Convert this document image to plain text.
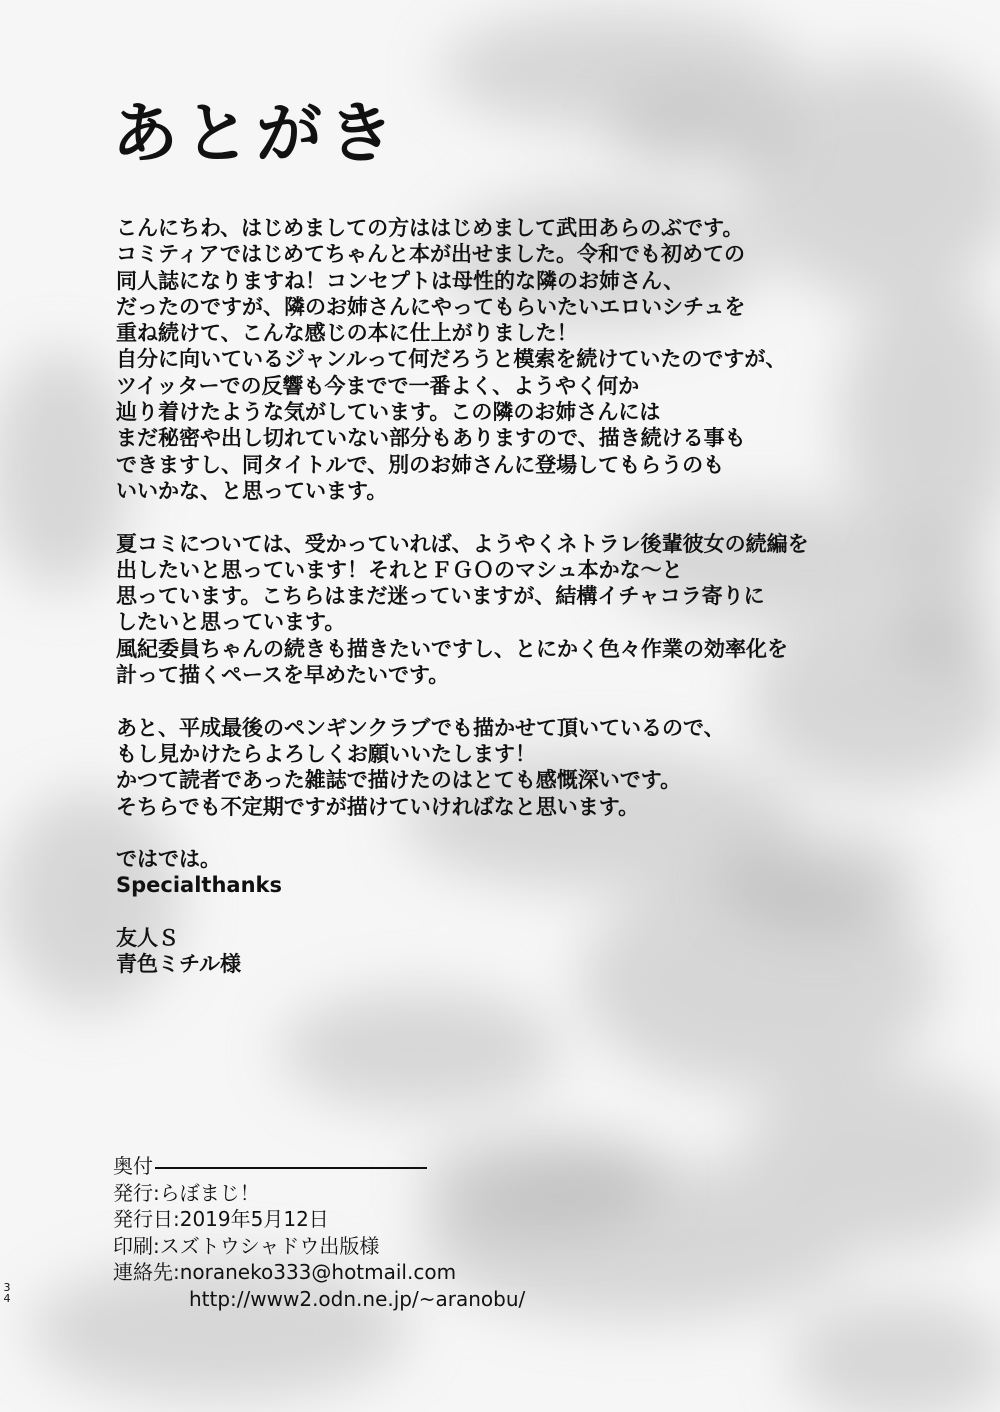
あとがき
こんにちわ、はじめましての方ははじめまして武田あらのぶです。
コミティアではじめてちゃんと本が出せました。令和でも初めての
同人誌になりますね！コンセプトは母性的な隣のお姉さん、
だったのですが、隣のお姉さんにやってもらいたいエロいシチュを
重ね続けて、こんな感じの本に仕上がりました！
自分に向いているジャンルって何だろうと模索を続けていたのですが、
ツイッターでの反響も今までで一番よく、ようやく何か
辿り着けたような気がしています。この隣のお姉さんには
まだ秘密や出し切れていない部分もありますので、描き続ける事も
できますし、同タイトルで、別のお姉さんに登場してもらうのも
いいかな、と思っています。
夏コミについては、受かっていれば、ようやくネトラレ後輩彼女の続編を
出したいと思っています！それとＦＧＯのマシュ本かな～と
思っています。こちらはまだ迷っていますが、結構イチャコラ寄りに
したいと思っています。
風紀委員ちゃんの続きも描きたいですし、とにかく色々作業の効率化を
計って描くペースを早めたいです。
あと、平成最後のペンギンクラブでも描かせて頂いているので、
もし見かけたらよろしくお願いいたします！
かつて読者であった雑誌で描けたのはとても感慨深いです。
そちらでも不定期ですが描けていければなと思います。
ではでは。
Specialthanks
友人Ｓ
青色ミチル様
奥付
発行:らぼまじ！
発行日:2019年5月12日
印刷:スズトウシャドウ出版様
連絡先:noraneko333@hotmail.com
http://www2.odn.ne.jp/~aranobu/
3
4
